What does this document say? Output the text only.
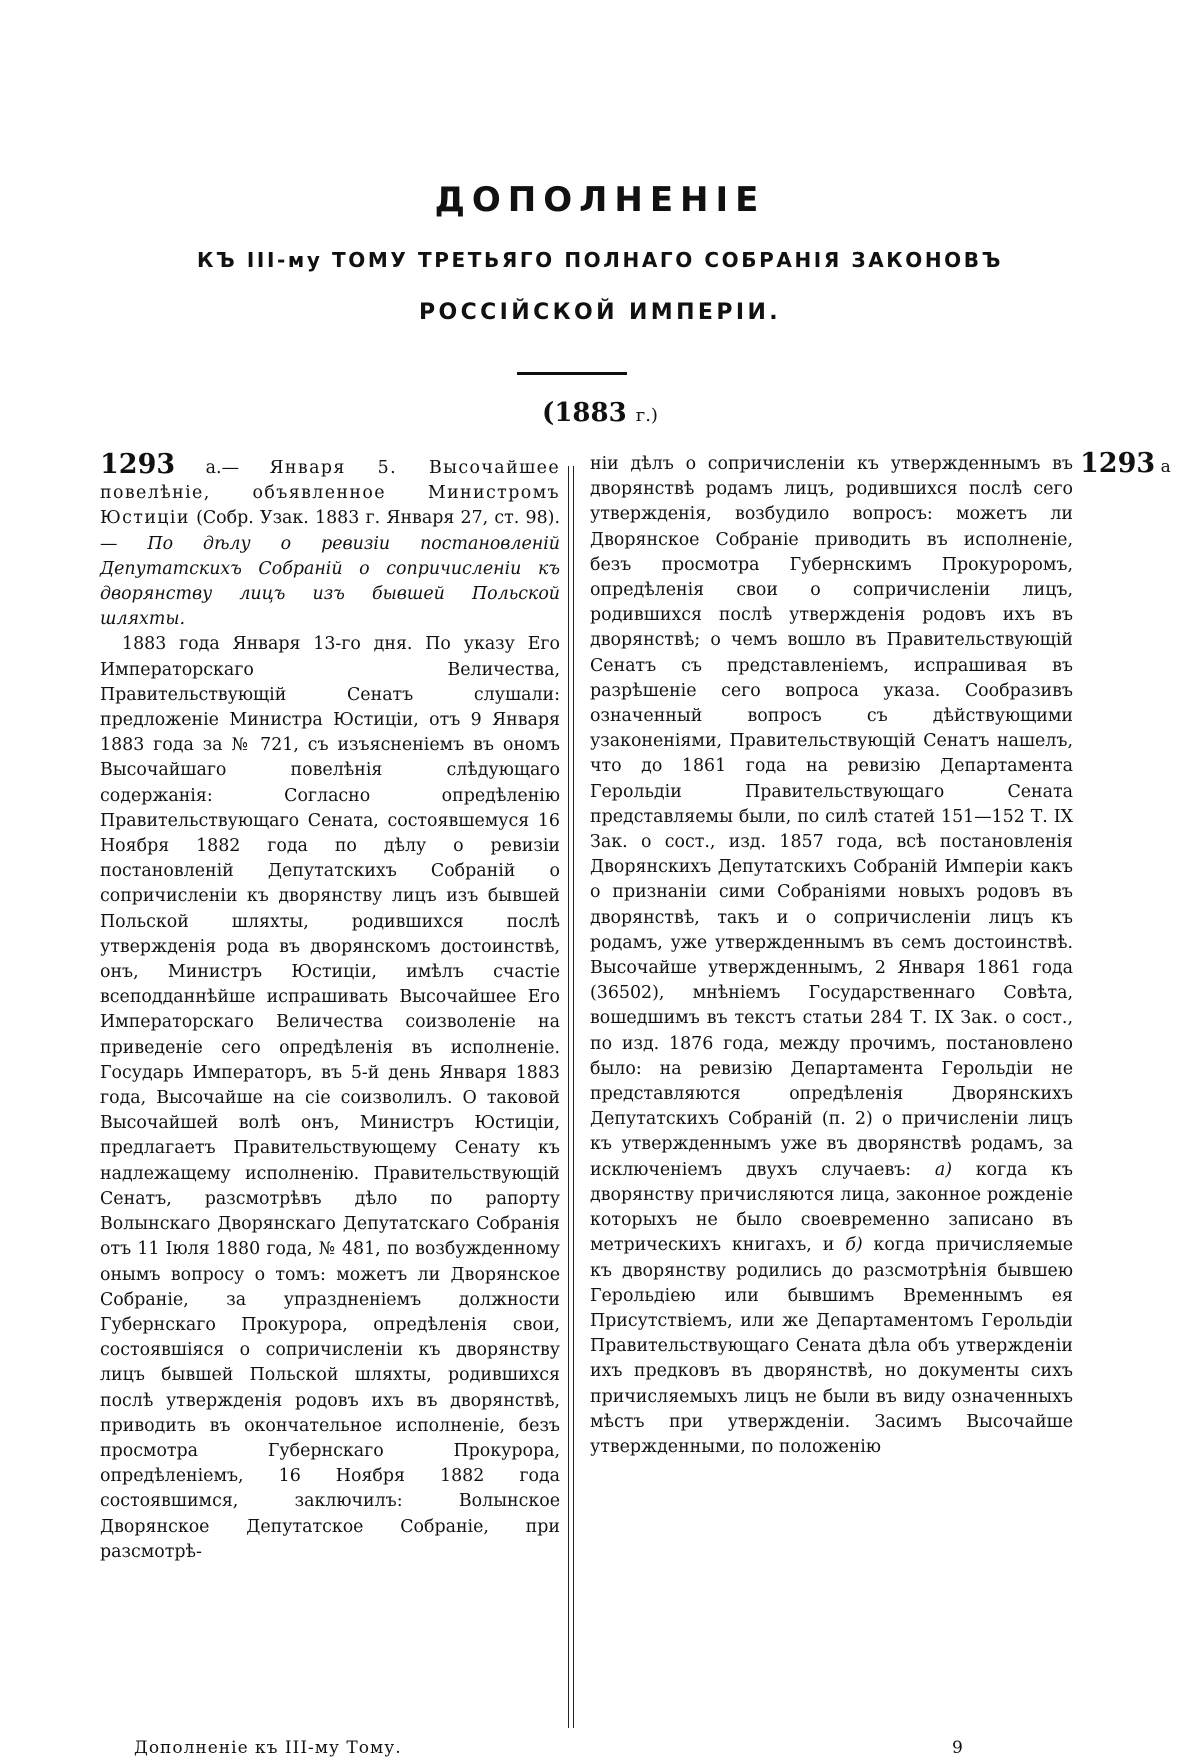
ДОПОЛНЕНІЕ
КЪ III-му ТОМУ ТРЕТЬЯГО ПОЛНАГО СОБРАНІЯ ЗАКОНОВЪ
РОССІЙСКОЙ ИМПЕРІИ.
(1883 г.)

1293 а.— Января 5. Высочайшее повелѣніе, объявленное Министромъ Юстиціи (Собр. Узак. 1883 г. Января 27, ст. 98).— По дѣлу о ревизіи постановленій Депутатскихъ Собраній о сопричисленіи къ дворянству лицъ изъ бывшей Польской шляхты.

1883 года Января 13-го дня. По указу Его Императорскаго Величества, Правительствующій Сенатъ слушали: предложеніе Министра Юстиціи, отъ 9 Января 1883 года за № 721, съ изъясненіемъ въ ономъ Высочайшаго повелѣнія слѣдующаго содержанія: Согласно опредѣленію Правительствующаго Сената, состоявшемуся 16 Ноября 1882 года по дѣлу о ревизіи постановленій Депутатскихъ Собраній о сопричисленіи къ дворянству лицъ изъ бывшей Польской шляхты, родившихся послѣ утвержденія рода въ дворянскомъ достоинствѣ, онъ, Министръ Юстиціи, имѣлъ счастіе всеподданнѣйше испрашивать Высочайшее Его Императорскаго Величества соизволеніе на приведеніе сего опредѣленія въ исполненіе. Государь Императоръ, въ 5-й день Января 1883 года, Высочайше на сіе соизволилъ. О таковой Высочайшей волѣ онъ, Министръ Юстиціи, предлагаетъ Правительствующему Сенату къ надлежащему исполненію. Правительствующій Сенатъ, разсмотрѣвъ дѣло по рапорту Волынскаго Дворянскаго Депутатскаго Собранія отъ 11 Іюля 1880 года, № 481, по возбужденному онымъ вопросу о томъ: можетъ ли Дворянское Собраніе, за упраздненіемъ должности Губернскаго Прокурора, опредѣленія свои, состоявшіяся о сопричисленіи къ дворянству лицъ бывшей Польской шляхты, родившихся послѣ утвержденія родовъ ихъ въ дворянствѣ, приводить въ окончательное исполненіе, безъ просмотра Губернскаго Прокурора, опредѣленіемъ, 16 Ноября 1882 года состоявшимся, заключилъ: Волынское Дворянское Депутатское Собраніе, при разсмотрѣ-

ніи дѣлъ о сопричисленіи къ утвержденнымъ въ дворянствѣ родамъ лицъ, родившихся послѣ сего утвержденія, возбудило вопросъ: можетъ ли Дворянское Собраніе приводить въ исполненіе, безъ просмотра Губернскимъ Прокуроромъ, опредѣленія свои о сопричисленіи лицъ, родившихся послѣ утвержденія родовъ ихъ въ дворянствѣ; о чемъ вошло въ Правительствующій Сенатъ съ представленіемъ, испрашивая въ разрѣшеніе сего вопроса указа. Сообразивъ означенный вопросъ съ дѣйствующими узаконеніями, Правительствующій Сенатъ нашелъ, что до 1861 года на ревизію Департамента Герольдіи Правительствующаго Сената представляемы были, по силѣ статей 151—152 Т. IX Зак. о сост., изд. 1857 года, всѣ постановленія Дворянскихъ Депутатскихъ Собраній Имперіи какъ о признаніи сими Собраніями новыхъ родовъ въ дворянствѣ, такъ и о сопричисленіи лицъ къ родамъ, уже утвержденнымъ въ семъ достоинствѣ. Высочайше утвержденнымъ, 2 Января 1861 года (36502), мнѣніемъ Государственнаго Совѣта, вошедшимъ въ текстъ статьи 284 Т. IX Зак. о сост., по изд. 1876 года, между прочимъ, постановлено было: на ревизію Департамента Герольдіи не представляются опредѣленія Дворянскихъ Депутатскихъ Собраній (п. 2) о причисленіи лицъ къ утвержденнымъ уже въ дворянствѣ родамъ, за исключеніемъ двухъ случаевъ: а) когда къ дворянству причисляются лица, законное рожденіе которыхъ не было своевременно записано въ метрическихъ книгахъ, и б) когда причисляемые къ дворянству родились до разсмотрѣнія бывшею Герольдіею или бывшимъ Временнымъ ея Присутствіемъ, или же Департаментомъ Герольдіи Правительствующаго Сената дѣла объ утвержденіи ихъ предковъ въ дворянствѣ, но документы сихъ причисляемыхъ лицъ не были въ виду означенныхъ мѣстъ при утвержденіи. Засимъ Высочайше утвержденными, по положенію

1293 а
Дополненіе къ III-му Тому.	9
